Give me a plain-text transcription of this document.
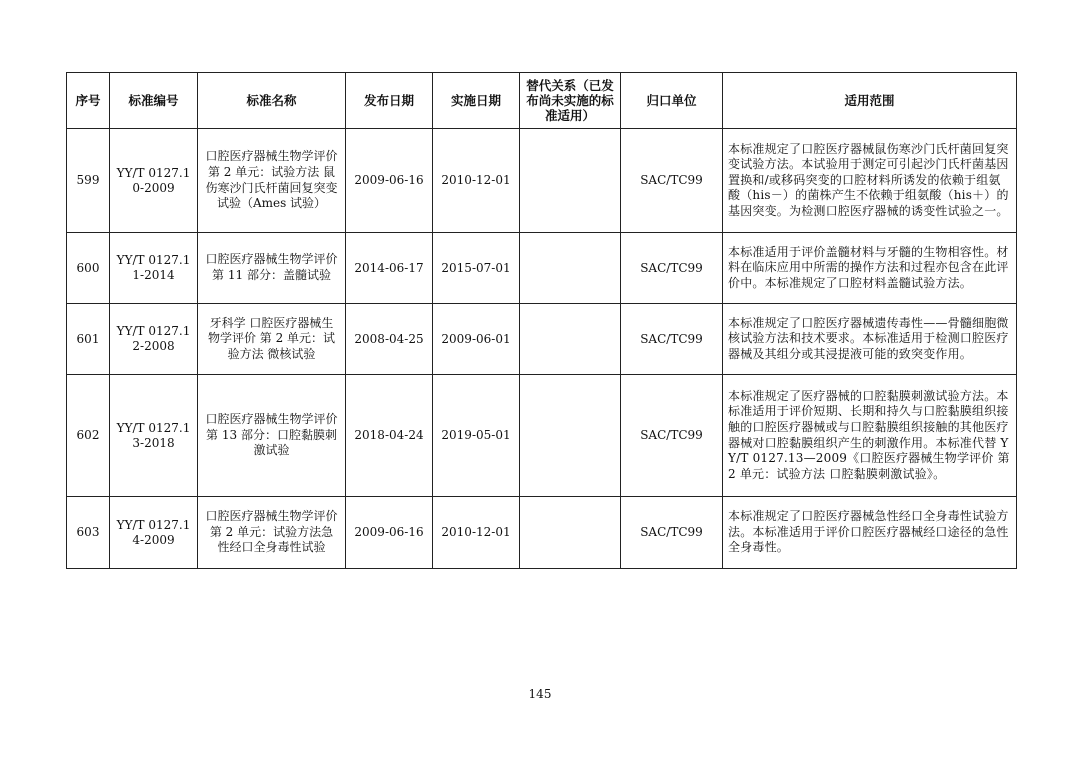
序号	标准编号	标准名称	发布日期	实施日期	替代关系（已发布尚未实施的标准适用）	归口单位	适用范围
599	YY/T 0127.10-2009	口腔医疗器械生物学评价第 2 单元：试验方法 鼠伤寒沙门氏杆菌回复突变试验（Ames 试验）	2009-06-16	2010-12-01		SAC/TC99	本标准规定了口腔医疗器械鼠伤寒沙门氏杆菌回复突变试验方法。本试验用于测定可引起沙门氏杆菌基因置换和/或移码突变的口腔材料所诱发的依赖于组氨酸（his－）的菌株产生不依赖于组氨酸（his＋）的基因突变。为检测口腔医疗器械的诱变性试验之一。
600	YY/T 0127.11-2014	口腔医疗器械生物学评价 第 11 部分：盖髓试验	2014-06-17	2015-07-01		SAC/TC99	本标准适用于评价盖髓材料与牙髓的生物相容性。材料在临床应用中所需的操作方法和过程亦包含在此评价中。本标准规定了口腔材料盖髓试验方法。
601	YY/T 0127.12-2008	牙科学 口腔医疗器械生物学评价 第 2 单元：试验方法 微核试验	2008-04-25	2009-06-01		SAC/TC99	本标准规定了口腔医疗器械遗传毒性——骨髓细胞微核试验方法和技术要求。本标准适用于检测口腔医疗器械及其组分或其浸提液可能的致突变作用。
602	YY/T 0127.13-2018	口腔医疗器械生物学评价 第 13 部分：口腔黏膜刺激试验	2018-04-24	2019-05-01		SAC/TC99	本标准规定了医疗器械的口腔黏膜刺激试验方法。本标准适用于评价短期、长期和持久与口腔黏膜组织接触的口腔医疗器械或与口腔黏膜组织接触的其他医疗器械对口腔黏膜组织产生的刺激作用。本标准代替 YY/T 0127.13—2009《口腔医疗器械生物学评价 第 2 单元：试验方法 口腔黏膜刺激试验》。
603	YY/T 0127.14-2009	口腔医疗器械生物学评价第 2 单元：试验方法急性经口全身毒性试验	2009-06-16	2010-12-01		SAC/TC99	本标准规定了口腔医疗器械急性经口全身毒性试验方法。本标准适用于评价口腔医疗器械经口途径的急性全身毒性。
145
